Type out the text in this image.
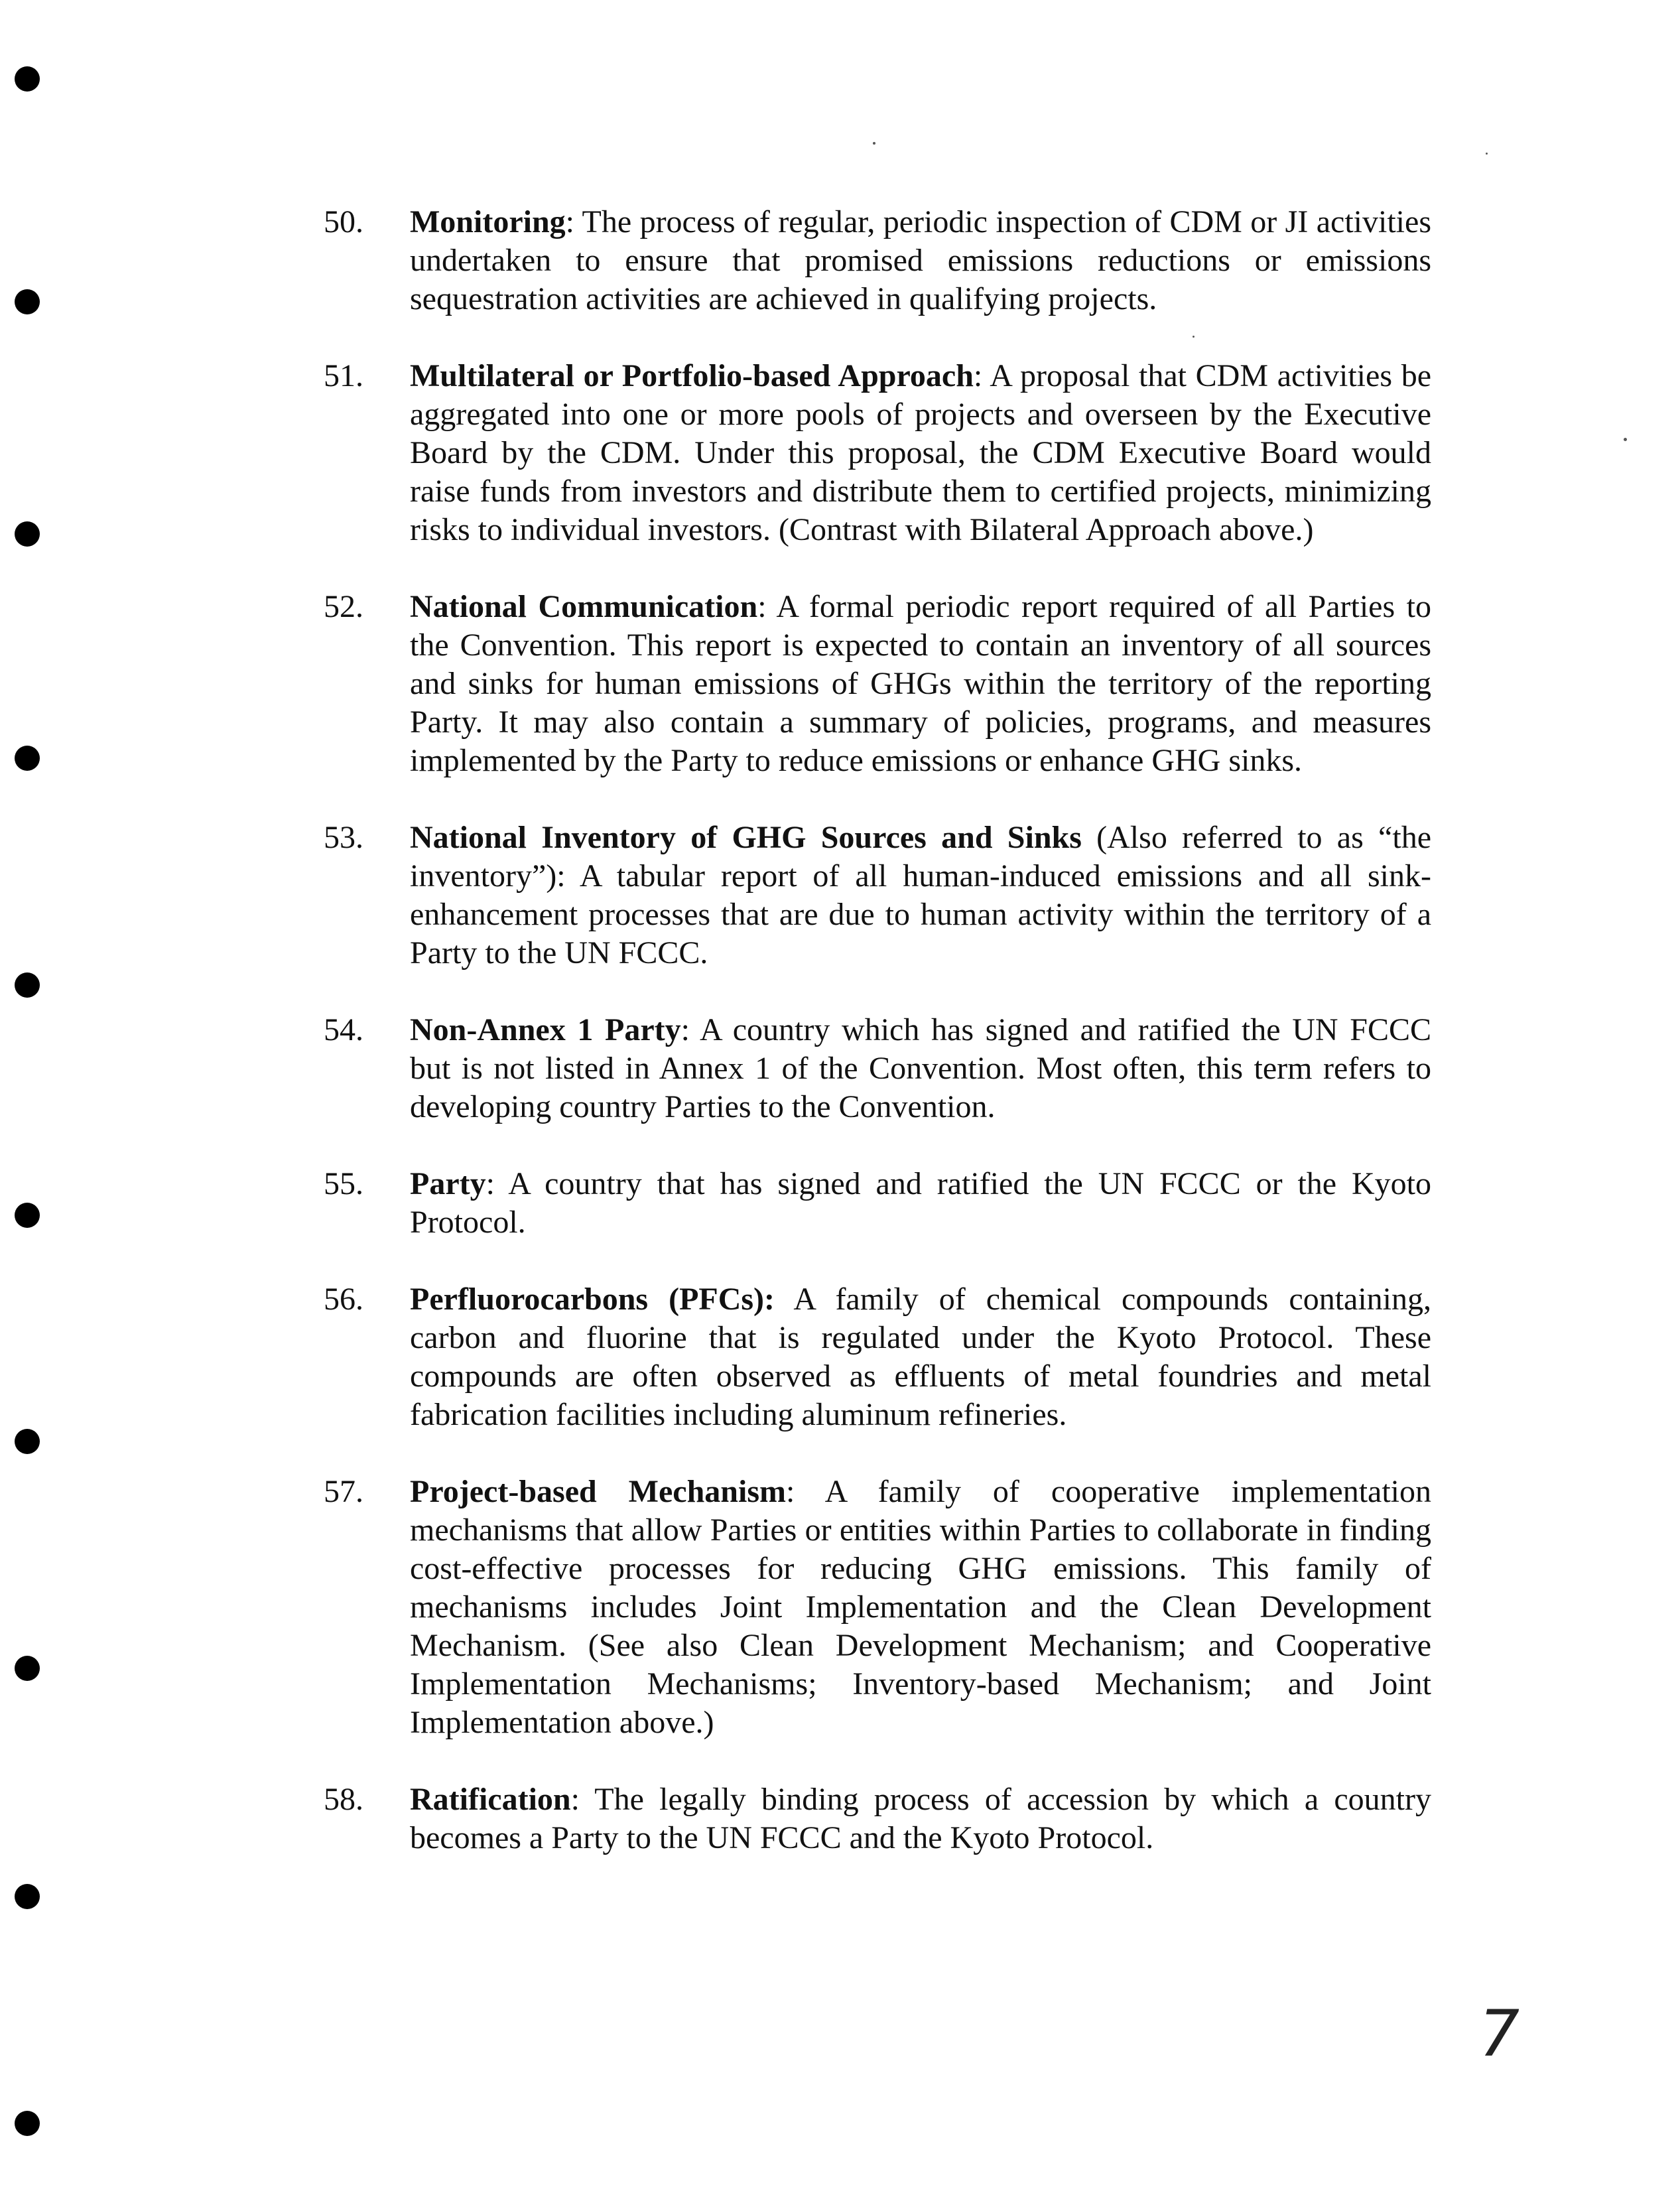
50.	Monitoring: The process of regular, periodic inspection of CDM or JI activities undertaken to ensure that promised emissions reductions or emissions sequestration activities are achieved in qualifying projects.
51.	Multilateral or Portfolio-based Approach: A proposal that CDM activities be aggregated into one or more pools of projects and overseen by the Executive Board by the CDM. Under this proposal, the CDM Executive Board would raise funds from investors and distribute them to certified projects, minimizing risks to individual investors. (Contrast with Bilateral Approach above.)
52.	National Communication: A formal periodic report required of all Parties to the Convention. This report is expected to contain an inventory of all sources and sinks for human emissions of GHGs within the territory of the reporting Party. It may also contain a summary of policies, programs, and measures implemented by the Party to reduce emissions or enhance GHG sinks.
53.	National Inventory of GHG Sources and Sinks (Also referred to as “the inventory”): A tabular report of all human-induced emissions and all sink-enhancement processes that are due to human activity within the territory of a Party to the UN FCCC.
54.	Non-Annex 1 Party: A country which has signed and ratified the UN FCCC but is not listed in Annex 1 of the Convention. Most often, this term refers to developing country Parties to the Convention.
55.	Party: A country that has signed and ratified the UN FCCC or the Kyoto Protocol.
56.	Perfluorocarbons (PFCs): A family of chemical compounds containing, carbon and fluorine that is regulated under the Kyoto Protocol. These compounds are often observed as effluents of metal foundries and metal fabrication facilities including aluminum refineries.
57.	Project-based Mechanism: A family of cooperative implementation mechanisms that allow Parties or entities within Parties to collaborate in finding cost-effective processes for reducing GHG emissions. This family of mechanisms includes Joint Implementation and the Clean Development Mechanism. (See also Clean Development Mechanism; and Cooperative Implementation Mechanisms; Inventory-based Mechanism; and Joint Implementation above.)
58.	Ratification: The legally binding process of accession by which a country becomes a Party to the UN FCCC and the Kyoto Protocol.
7
